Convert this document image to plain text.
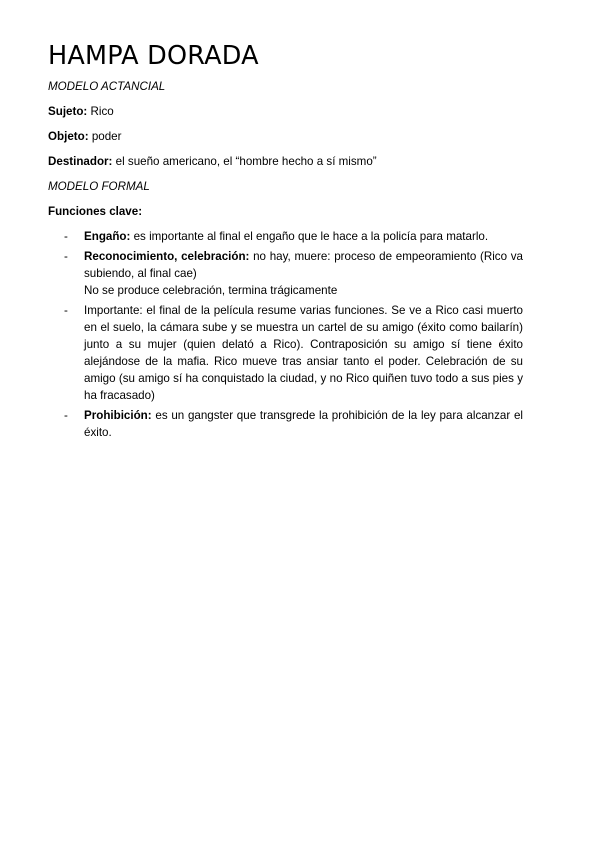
HAMPA DORADA
MODELO ACTANCIAL
Sujeto: Rico
Objeto: poder
Destinador: el sueño americano, el “hombre hecho a sí mismo”
MODELO FORMAL
Funciones clave:
- Engaño: es importante al final el engaño que le hace a la policía para matarlo.

- Reconocimiento, celebración: no hay, muere: proceso de empeoramiento (Rico va subiendo, al final cae)

No se produce celebración, termina trágicamente

- Importante: el final de la película resume varias funciones. Se ve a Rico casi muerto en el suelo, la cámara sube y se muestra un cartel de su amigo (éxito como bailarín) junto a su mujer (quien delató a Rico). Contraposición su amigo sí tiene éxito alejándose de la mafia. Rico mueve tras ansiar tanto el poder. Celebración de su amigo (su amigo sí ha conquistado la ciudad, y no Rico quiñen tuvo todo a sus pies y ha fracasado)

- Prohibición: es un gangster que transgrede la prohibición de la ley para alcanzar el éxito.
